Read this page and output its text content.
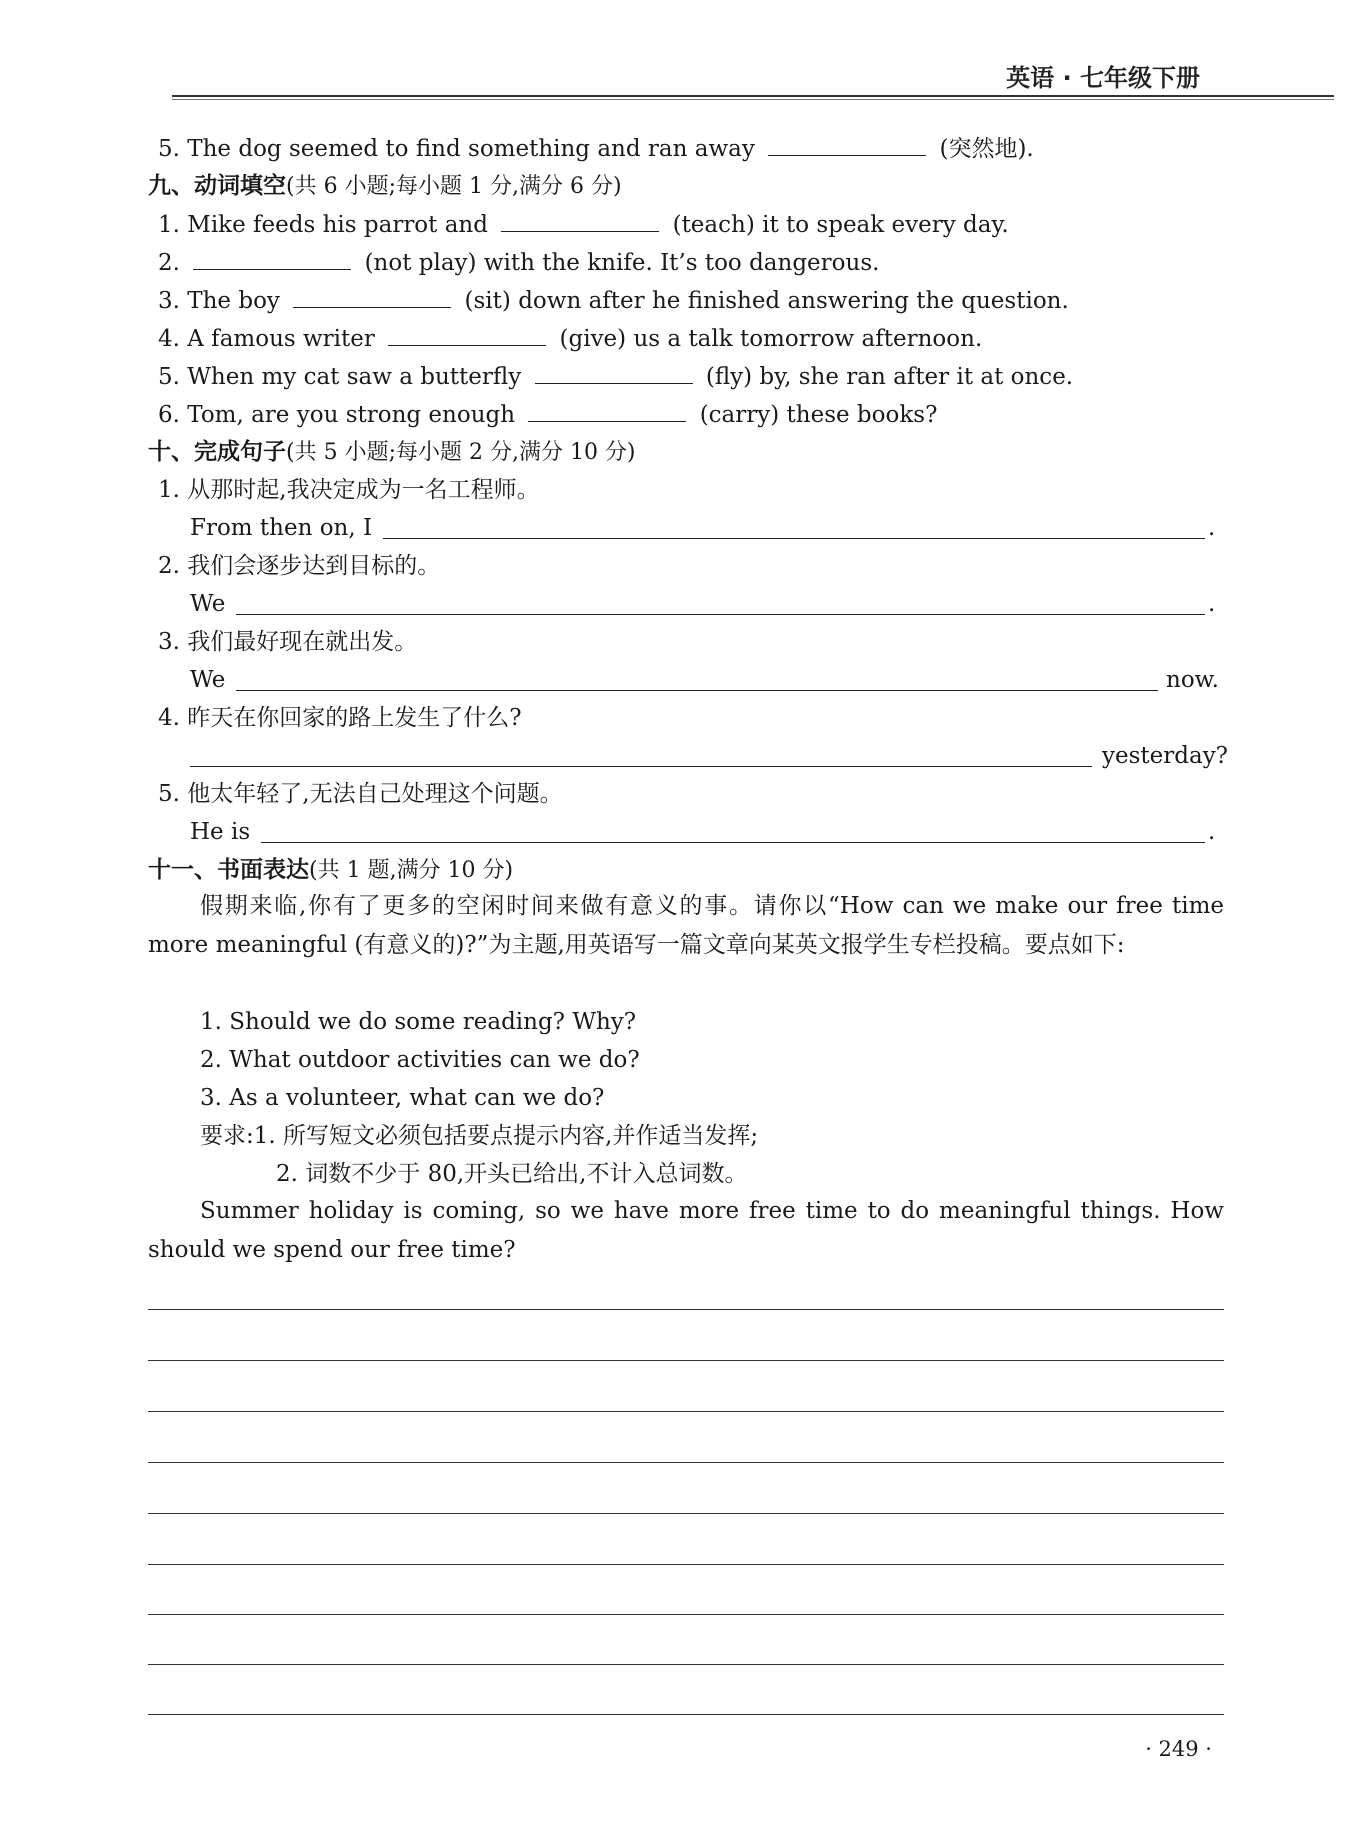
英语 · 七年级下册
5. The dog seemed to find something and ran away	(突然地).
九、动词填空(共 6 小题;每小题 1 分,满分 6 分)
1. Mike feeds his parrot and	(teach) it to speak every day.
2.	(not play) with the knife. It’s too dangerous.
3. The boy	(sit) down after he finished answering the question.
4. A famous writer	(give) us a talk tomorrow afternoon.
5. When my cat saw a butterfly	(fly) by, she ran after it at once.
6. Tom, are you strong enough	(carry) these books?
十、完成句子(共 5 小题;每小题 2 分,满分 10 分)
1. 从那时起,我决定成为一名工程师。
From then on, I	.
2. 我们会逐步达到目标的。
We	.
3. 我们最好现在就出发。
We	now.
4. 昨天在你回家的路上发生了什么?
yesterday?
5. 他太年轻了,无法自己处理这个问题。
He is	.
十一、书面表达(共 1 题,满分 10 分)
假期来临,你有了更多的空闲时间来做有意义的事。请你以“How can we make our free time more meaningful (有意义的)?”为主题,用英语写一篇文章向某英文报学生专栏投稿。要点如下:
1. Should we do some reading? Why?
2. What outdoor activities can we do?
3. As a volunteer, what can we do?
要求:1. 所写短文必须包括要点提示内容,并作适当发挥;
2. 词数不少于 80,开头已给出,不计入总词数。
Summer holiday is coming, so we have more free time to do meaningful things. How should we spend our free time?
· 249 ·
